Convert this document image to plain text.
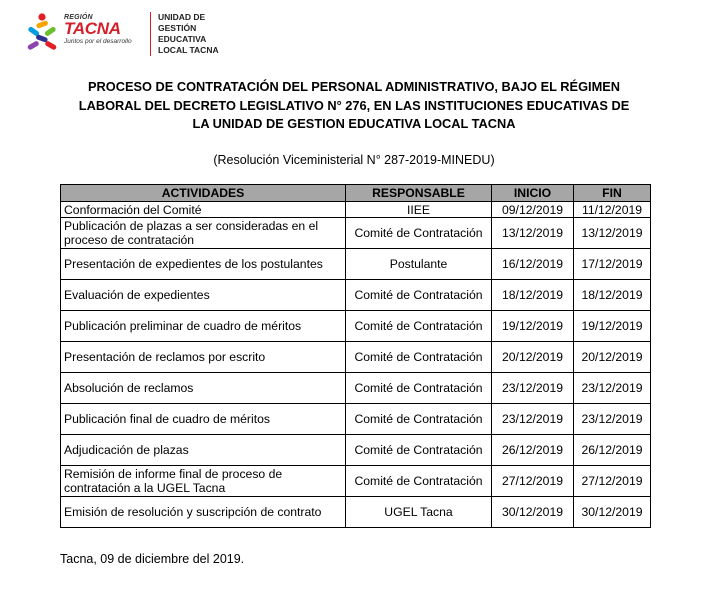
REGIÓN
TACNA
Juntos por el desarrollo
UNIDAD DE
GESTIÓN
EDUCATIVA
LOCAL TACNA
PROCESO DE CONTRATACIÓN DEL PERSONAL ADMINISTRATIVO, BAJO EL RÉGIMEN
LABORAL DEL DECRETO LEGISLATIVO N° 276, EN LAS INSTITUCIONES EDUCATIVAS DE
LA UNIDAD DE GESTION EDUCATIVA LOCAL TACNA
(Resolución Viceministerial N° 287-2019-MINEDU)
ACTIVIDADES	RESPONSABLE	INICIO	FIN
Conformación del Comité	IIEE	09/12/2019	11/12/2019
Publicación de plazas a ser consideradas en el proceso de contratación	Comité de Contratación	13/12/2019	13/12/2019
Presentación de expedientes de los postulantes	Postulante	16/12/2019	17/12/2019
Evaluación de expedientes	Comité de Contratación	18/12/2019	18/12/2019
Publicación preliminar de cuadro de méritos	Comité de Contratación	19/12/2019	19/12/2019
Presentación de reclamos por escrito	Comité de Contratación	20/12/2019	20/12/2019
Absolución de reclamos	Comité de Contratación	23/12/2019	23/12/2019
Publicación final de cuadro de méritos	Comité de Contratación	23/12/2019	23/12/2019
Adjudicación de plazas	Comité de Contratación	26/12/2019	26/12/2019
Remisión de informe final de proceso de contratación a la UGEL Tacna	Comité de Contratación	27/12/2019	27/12/2019
Emisión de resolución y suscripción de contrato	UGEL Tacna	30/12/2019	30/12/2019
Tacna, 09 de diciembre del 2019.
